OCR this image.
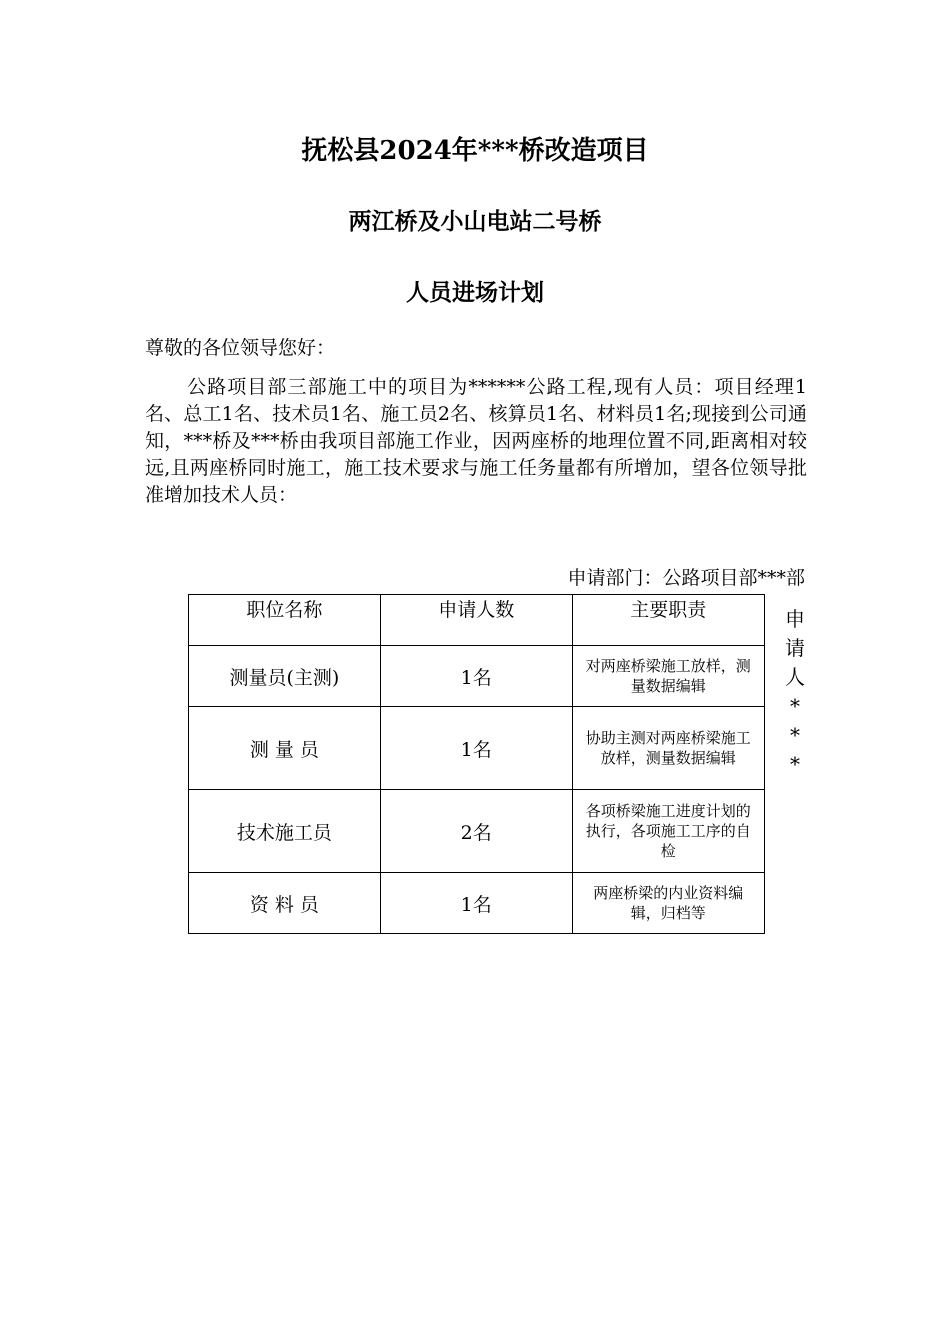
抚松县2024年***桥改造项目
两江桥及小山电站二号桥
人员进场计划
尊敬的各位领导您好：
公路项目部三部施工中的项目为******公路工程,现有人员：项目经理1名、总工1名、技术员1名、施工员2名、核算员1名、材料员1名;现接到公司通知，***桥及***桥由我项目部施工作业，因两座桥的地理位置不同,距离相对较远,且两座桥同时施工，施工技术要求与施工任务量都有所增加，望各位领导批准增加技术人员：
申请部门：公路项目部***部
职位名称	申请人数	主要职责
测量员(主测)	1名	对两座桥梁施工放样，测量数据编辑
测 量 员	1名	协助主测对两座桥梁施工放样，测量数据编辑
技术施工员	2名	各项桥梁施工进度计划的执行，各项施工工序的自检
资 料 员	1名	两座桥梁的内业资料编辑，归档等
申
请
人
*
*
*
